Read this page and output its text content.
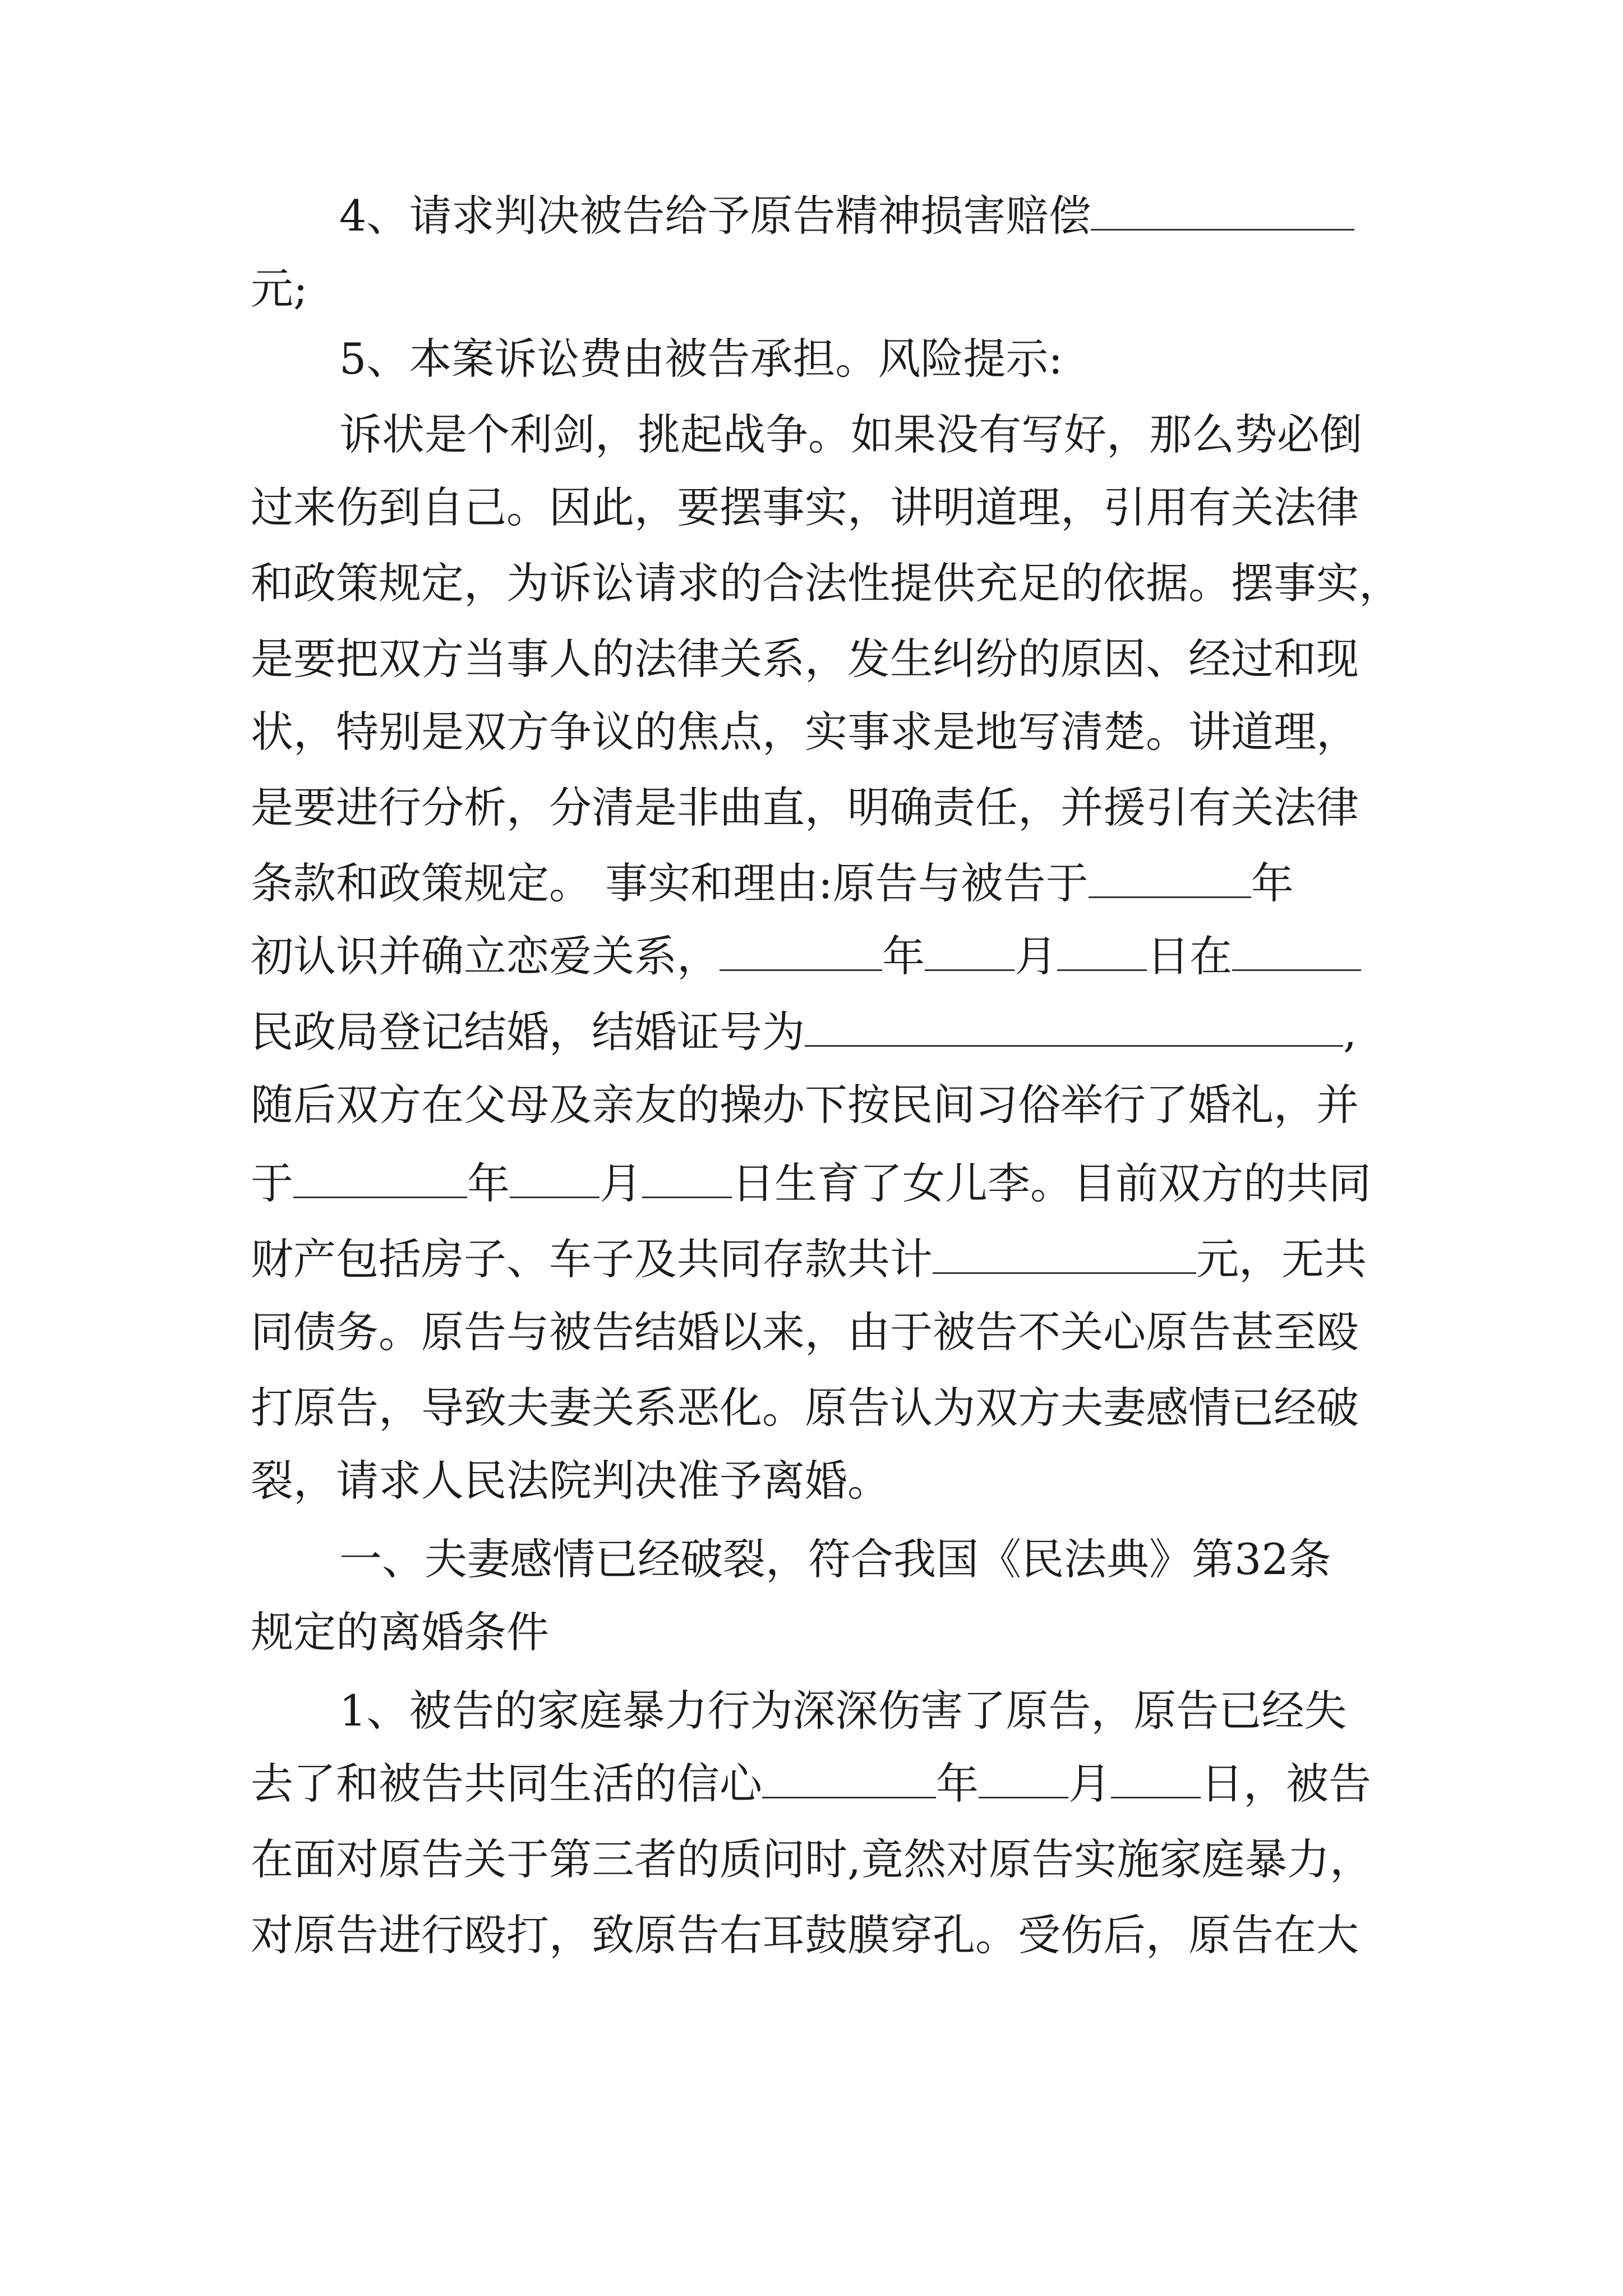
4、请求判决被告给予原告精神损害赔偿
元;
5、本案诉讼费由被告承担。风险提示:
诉状是个利剑，挑起战争。如果没有写好，那么势必倒
过来伤到自己。因此，要摆事实，讲明道理，引用有关法律
和政策规定，为诉讼请求的合法性提供充足的依据。摆事实，
是要把双方当事人的法律关系，发生纠纷的原因、经过和现
状，特别是双方争议的焦点，实事求是地写清楚。讲道理，
是要进行分析，分清是非曲直，明确责任，并援引有关法律
条款和政策规定。 事实和理由:原告与被告于	年
初认识并确立恋爱关系，	年 月 日在
民政局登记结婚，结婚证号为	,
随后双方在父母及亲友的操办下按民间习俗举行了婚礼，并
于	年 月 日生育了女儿李。目前双方的共同
财产包括房子、车子及共同存款共计	元，无共
同债务。原告与被告结婚以来，由于被告不关心原告甚至殴
打原告，导致夫妻关系恶化。原告认为双方夫妻感情已经破
裂，请求人民法院判决准予离婚。
一、夫妻感情已经破裂，符合我国《民法典》第32条
规定的离婚条件
1、被告的家庭暴力行为深深伤害了原告，原告已经失
去了和被告共同生活的信心	年 月 日，被告
在面对原告关于第三者的质问时,竟然对原告实施家庭暴力，
对原告进行殴打，致原告右耳鼓膜穿孔。受伤后，原告在大
